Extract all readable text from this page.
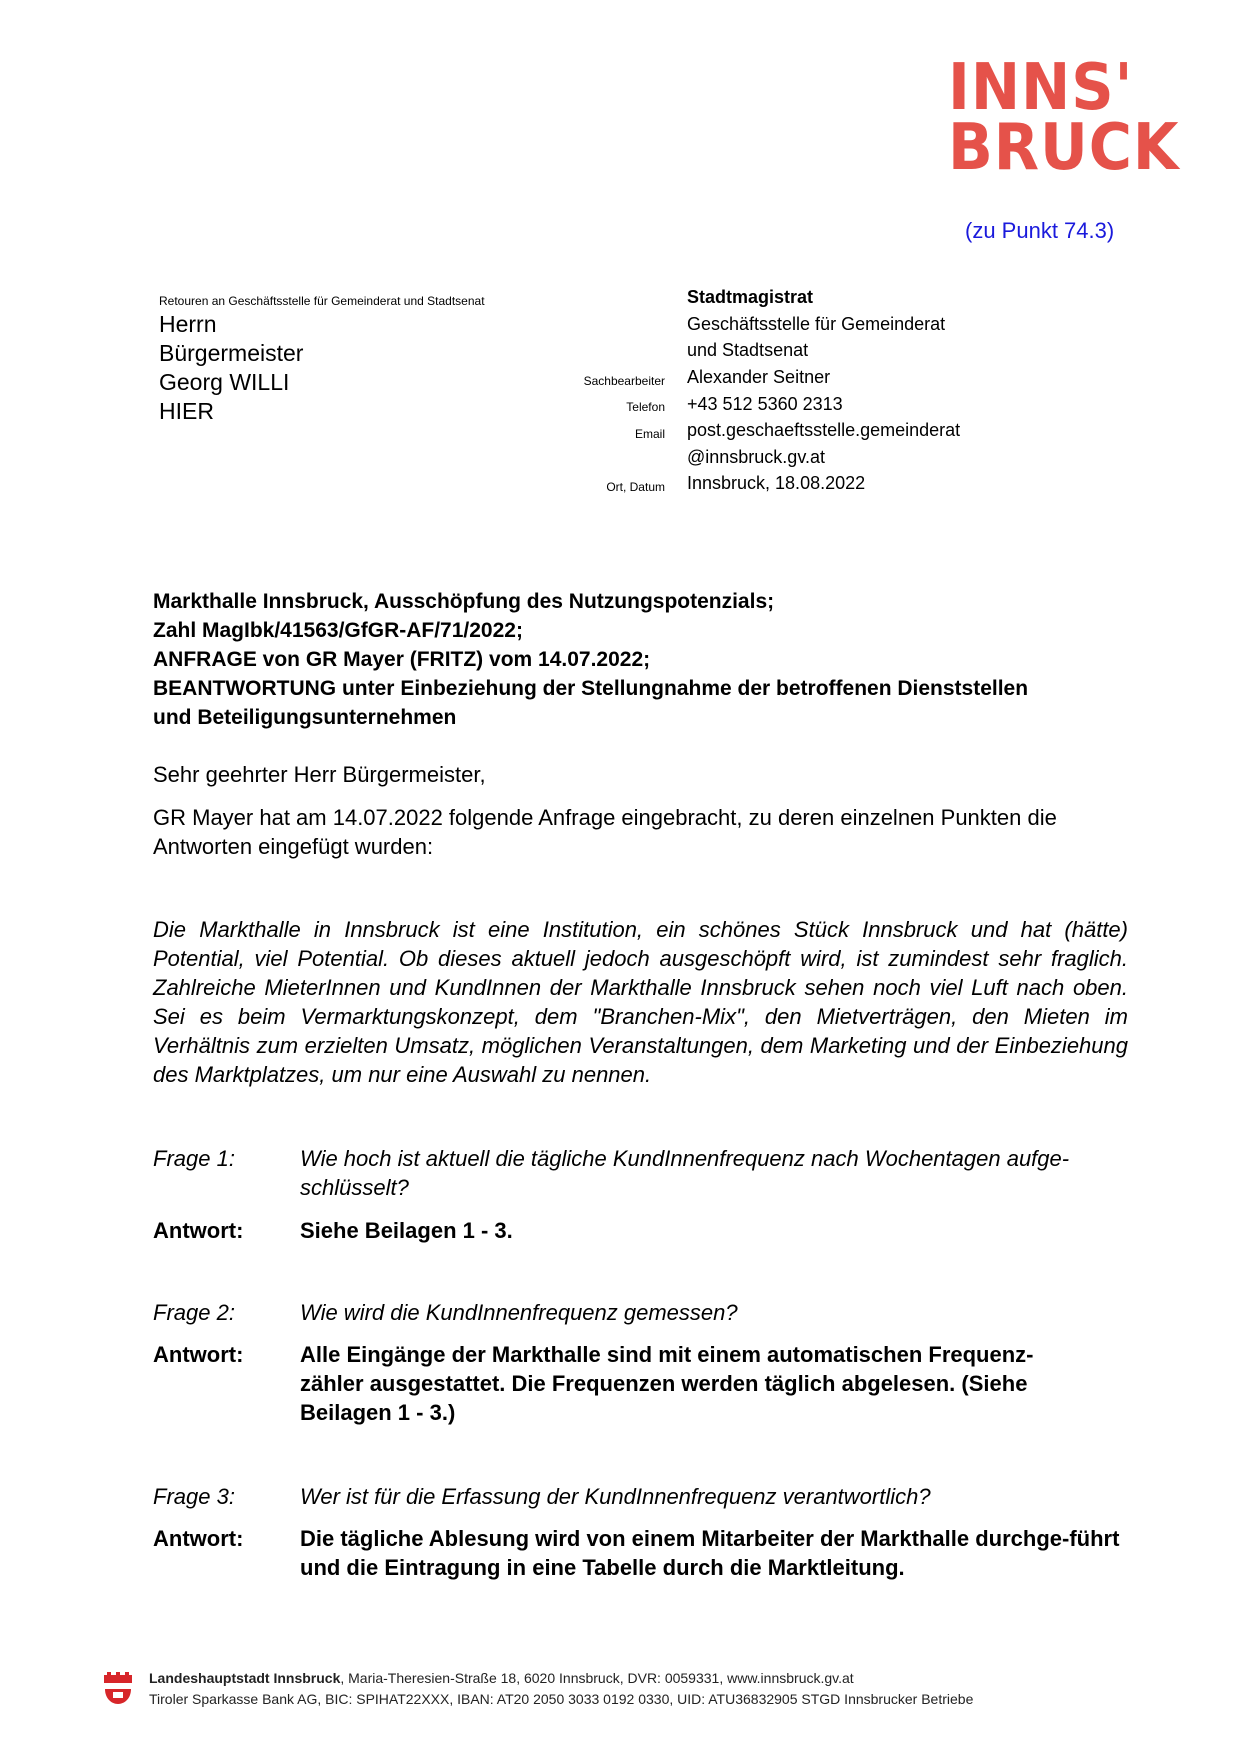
INNS'
BRUCK
(zu Punkt 74.3)
Retouren an Geschäftsstelle für Gemeinderat und Stadtsenat
Herrn
Bürgermeister
Georg WILLI
HIER
Stadtmagistrat
Geschäftsstelle für Gemeinderat
und Stadtsenat
Sachbearbeiter Alexander Seitner
Telefon +43 512 5360 2313
Email post.geschaeftsstelle.gemeinderat
@innsbruck.gv.at
Ort, Datum Innsbruck, 18.08.2022
Markthalle Innsbruck, Ausschöpfung des Nutzungspotenzials;
Zahl MagIbk/41563/GfGR-AF/71/2022;
ANFRAGE von GR Mayer (FRITZ) vom 14.07.2022;
BEANTWORTUNG unter Einbeziehung der Stellungnahme der betroffenen Dienststellen
und Beteiligungsunternehmen
Sehr geehrter Herr Bürgermeister,
GR Mayer hat am 14.07.2022 folgende Anfrage eingebracht, zu deren einzelnen Punkten die Antworten eingefügt wurden:
Die Markthalle in Innsbruck ist eine Institution, ein schönes Stück Innsbruck und hat (hätte) Potential, viel Potential. Ob dieses aktuell jedoch ausgeschöpft wird, ist zumindest sehr fraglich. Zahlreiche MieterInnen und KundInnen der Markthalle Innsbruck sehen noch viel Luft nach oben. Sei es beim Vermarktungskonzept, dem "Branchen-Mix", den Mietverträgen, den Mieten im Verhältnis zum erzielten Umsatz, möglichen Veranstaltungen, dem Marketing und der Einbeziehung des Marktplatzes, um nur eine Auswahl zu nennen.
Frage 1:	Wie hoch ist aktuell die tägliche KundInnenfrequenz nach Wochentagen aufge-schlüsselt?
Antwort:	Siehe Beilagen 1 - 3.
Frage 2:	Wie wird die KundInnenfrequenz gemessen?
Antwort:	Alle Eingänge der Markthalle sind mit einem automatischen Frequenz-zähler ausgestattet. Die Frequenzen werden täglich abgelesen. (Siehe Beilagen 1 - 3.)
Frage 3:	Wer ist für die Erfassung der KundInnenfrequenz verantwortlich?
Antwort:	Die tägliche Ablesung wird von einem Mitarbeiter der Markthalle durchge-führt und die Eintragung in eine Tabelle durch die Marktleitung.
Landeshauptstadt Innsbruck, Maria-Theresien-Straße 18, 6020 Innsbruck, DVR: 0059331, www.innsbruck.gv.at
Tiroler Sparkasse Bank AG, BIC: SPIHAT22XXX, IBAN: AT20 2050 3033 0192 0330, UID: ATU36832905 STGD Innsbrucker Betriebe
